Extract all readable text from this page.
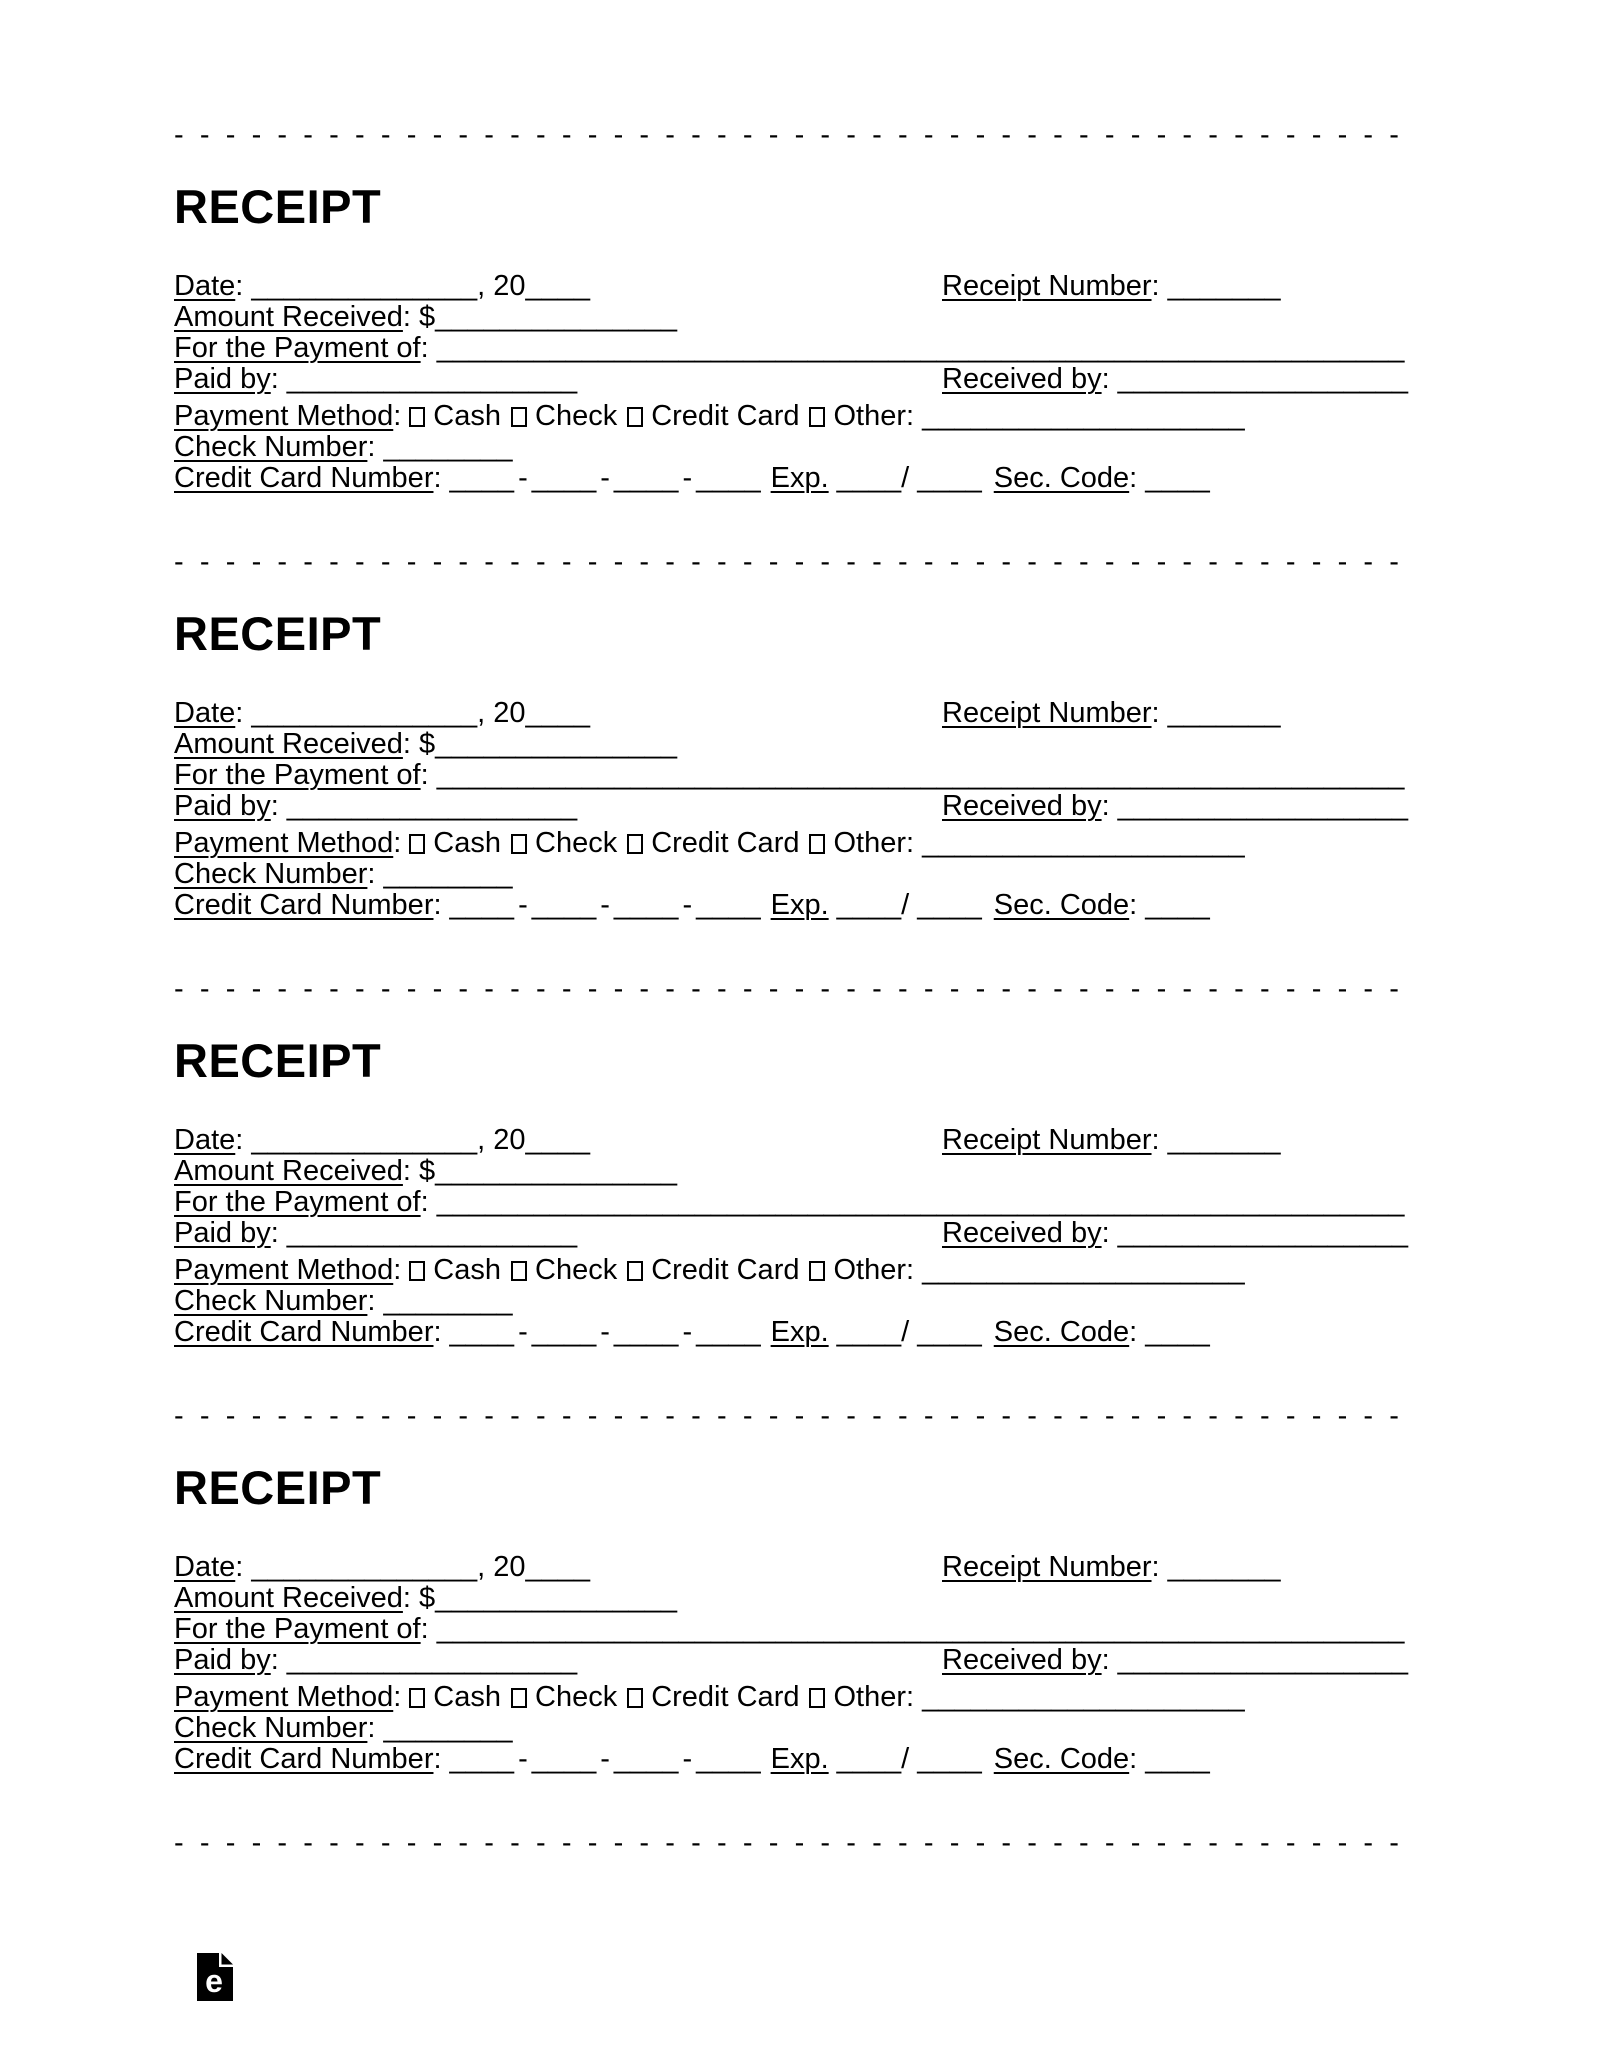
------------------------------------------------
RECEIPT
Date: ______________, 20____	Receipt Number: _______
Amount Received: $_______________
For the Payment of: ____________________________________________________________
Paid by: __________________	Received by: __________________
Payment Method: Cash Check Credit Card Other: ____________________
Check Number: ________
Credit Card Number: ____ - ____ - ____ - ____ Exp. ____/ ____ Sec. Code: ____
------------------------------------------------
RECEIPT
Date: ______________, 20____	Receipt Number: _______
Amount Received: $_______________
For the Payment of: ____________________________________________________________
Paid by: __________________	Received by: __________________
Payment Method: Cash Check Credit Card Other: ____________________
Check Number: ________
Credit Card Number: ____ - ____ - ____ - ____ Exp. ____/ ____ Sec. Code: ____
------------------------------------------------
RECEIPT
Date: ______________, 20____	Receipt Number: _______
Amount Received: $_______________
For the Payment of: ____________________________________________________________
Paid by: __________________	Received by: __________________
Payment Method: Cash Check Credit Card Other: ____________________
Check Number: ________
Credit Card Number: ____ - ____ - ____ - ____ Exp. ____/ ____ Sec. Code: ____
------------------------------------------------
RECEIPT
Date: ______________, 20____	Receipt Number: _______
Amount Received: $_______________
For the Payment of: ____________________________________________________________
Paid by: __________________	Received by: __________________
Payment Method: Cash Check Credit Card Other: ____________________
Check Number: ________
Credit Card Number: ____ - ____ - ____ - ____ Exp. ____/ ____ Sec. Code: ____
------------------------------------------------
e
